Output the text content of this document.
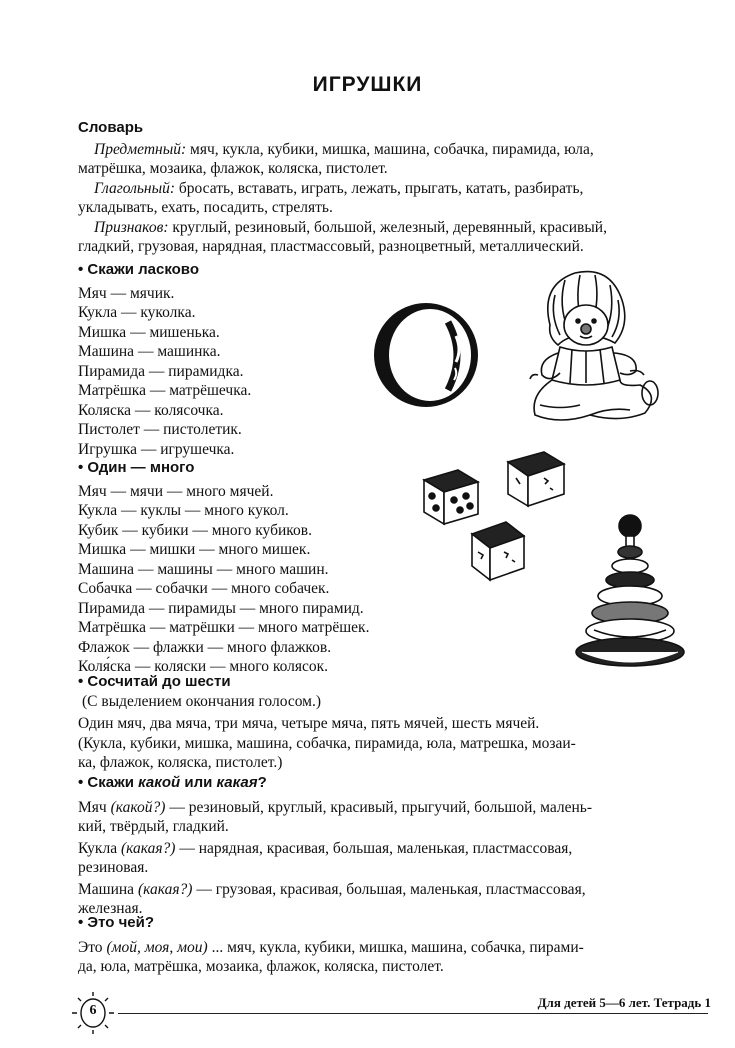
ИГРУШКИ
Словарь
Предметный: мяч, кукла, кубики, мишка, машина, собачка, пирамида, юла,
матрёшка, мозаика, флажок, коляска, пистолет.
Глагольный: бросать, вставать, играть, лежать, прыгать, катать, разбирать,
укладывать, ехать, посадить, стрелять.
Признаков: круглый, резиновый, большой, железный, деревянный, красивый,
гладкий, грузовая, нарядная, пластмассовый, разноцветный, металлический.
• Скажи ласково
Мяч — мячик.
Кукла — куколка.
Мишка — мишенька.
Машина — машинка.
Пирамида — пирамидка.
Матрёшка — матрёшечка.
Коляска — колясочка.
Пистолет — пистолетик.
Игрушка — игрушечка.
• Один — много
Мяч — мячи — много мячей.
Кукла — куклы — много кукол.
Кубик — кубики — много кубиков.
Мишка — мишки — много мишек.
Машина — машины — много машин.
Собачка — собачки — много собачек.
Пирамида — пирамиды — много пирамид.
Матрёшка — матрёшки — много матрёшек.
Флажок — флажки — много флажков.
Коля́ска — коляски — много колясок.
• Сосчитай до шести
(С выделением окончания голосом.)
Один мяч, два мяча, три мяча, четыре мяча, пять мячей, шесть мячей.
(Кукла, кубики, мишка, машина, собачка, пирамида, юла, матрешка, мозаи-
ка, флажок, коляска, пистолет.)
• Скажи какой или какая?
Мяч (какой?) — резиновый, круглый, красивый, прыгучий, большой, малень-
кий, твёрдый, гладкий.
Кукла (какая?) — нарядная, красивая, большая, маленькая, пластмассовая,
резиновая.
Машина (какая?) — грузовая, красивая, большая, маленькая, пластмассовая,
железная.
• Это чей?
Это (мой, моя, мои) ... мяч, кукла, кубики, мишка, машина, собачка, пирами-
да, юла, матрёшка, мозаика, флажок, коляска, пистолет.
6
Для детей 5—6 лет. Тетрадь 1
